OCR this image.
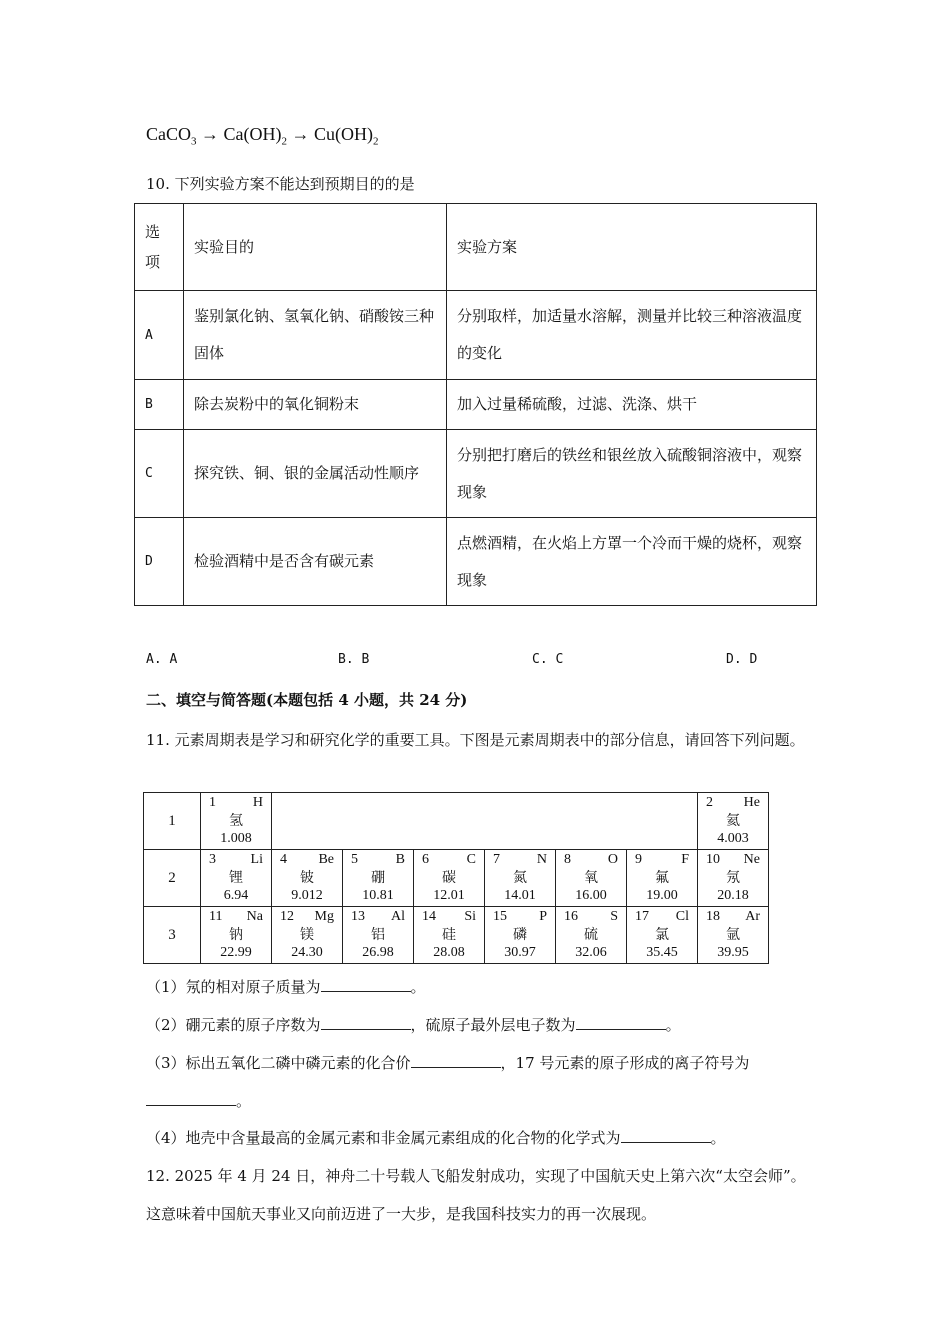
CaCO$_3$ → $Ca(OH)_2 \to Cu(OH)_2$
10. 下列实验方案不能达到预期目的的是
选项	实验目的	实验方案
A	鉴别氯化钠、氢氧化钠、硝酸铵三种固体	分别取样，加适量水溶解，测量并比较三种溶液温度的变化
B	除去炭粉中的氧化铜粉末	加入过量稀硫酸，过滤、洗涤、烘干
C	探究铁、铜、银的金属活动性顺序	分别把打磨后的铁丝和银丝放入硫酸铜溶液中，观察现象
D	检验酒精中是否含有碳元素	点燃酒精，在火焰上方罩一个冷而干燥的烧杯，观察现象
A. A	B. B	C. C	D. D
二、填空与简答题(本题包括 4 小题，共 24 分)
11. 元素周期表是学习和研究化学的重要工具。下图是元素周期表中的部分信息，请回答下列问题。
1	1 H
氢
1.008							2 He
氦
4.003

2	3 Li
锂
6.94	4 Be
铍
9.012	5 B
硼
10.81	6 C
碳
12.01	7 N
氮
14.01	8 O
氧
16.00	9 F
氟
19.00	10 Ne
氖
20.18

3	11 Na
钠
22.99	12 Mg
镁
24.30	13 Al
铝
26.98	14 Si
硅
28.08	15 P
磷
30.97	16 S
硫
32.06	17 Cl
氯
35.45	18 Ar
氩
39.95
（1）氖的相对原子质量为	。
（2）硼元素的原子序数为	，硫原子最外层电子数为	。
（3）标出五氧化二磷中磷元素的化合价	，17 号元素的原子形成的离子符号为
。
（4）地壳中含量最高的金属元素和非金属元素组成的化合物的化学式为	。
12. 2025 年 4 月 24 日，神舟二十号载人飞船发射成功，实现了中国航天史上第六次“太空会师”。这意味着中国航天事业又向前迈进了一大步，是我国科技实力的再一次展现。
